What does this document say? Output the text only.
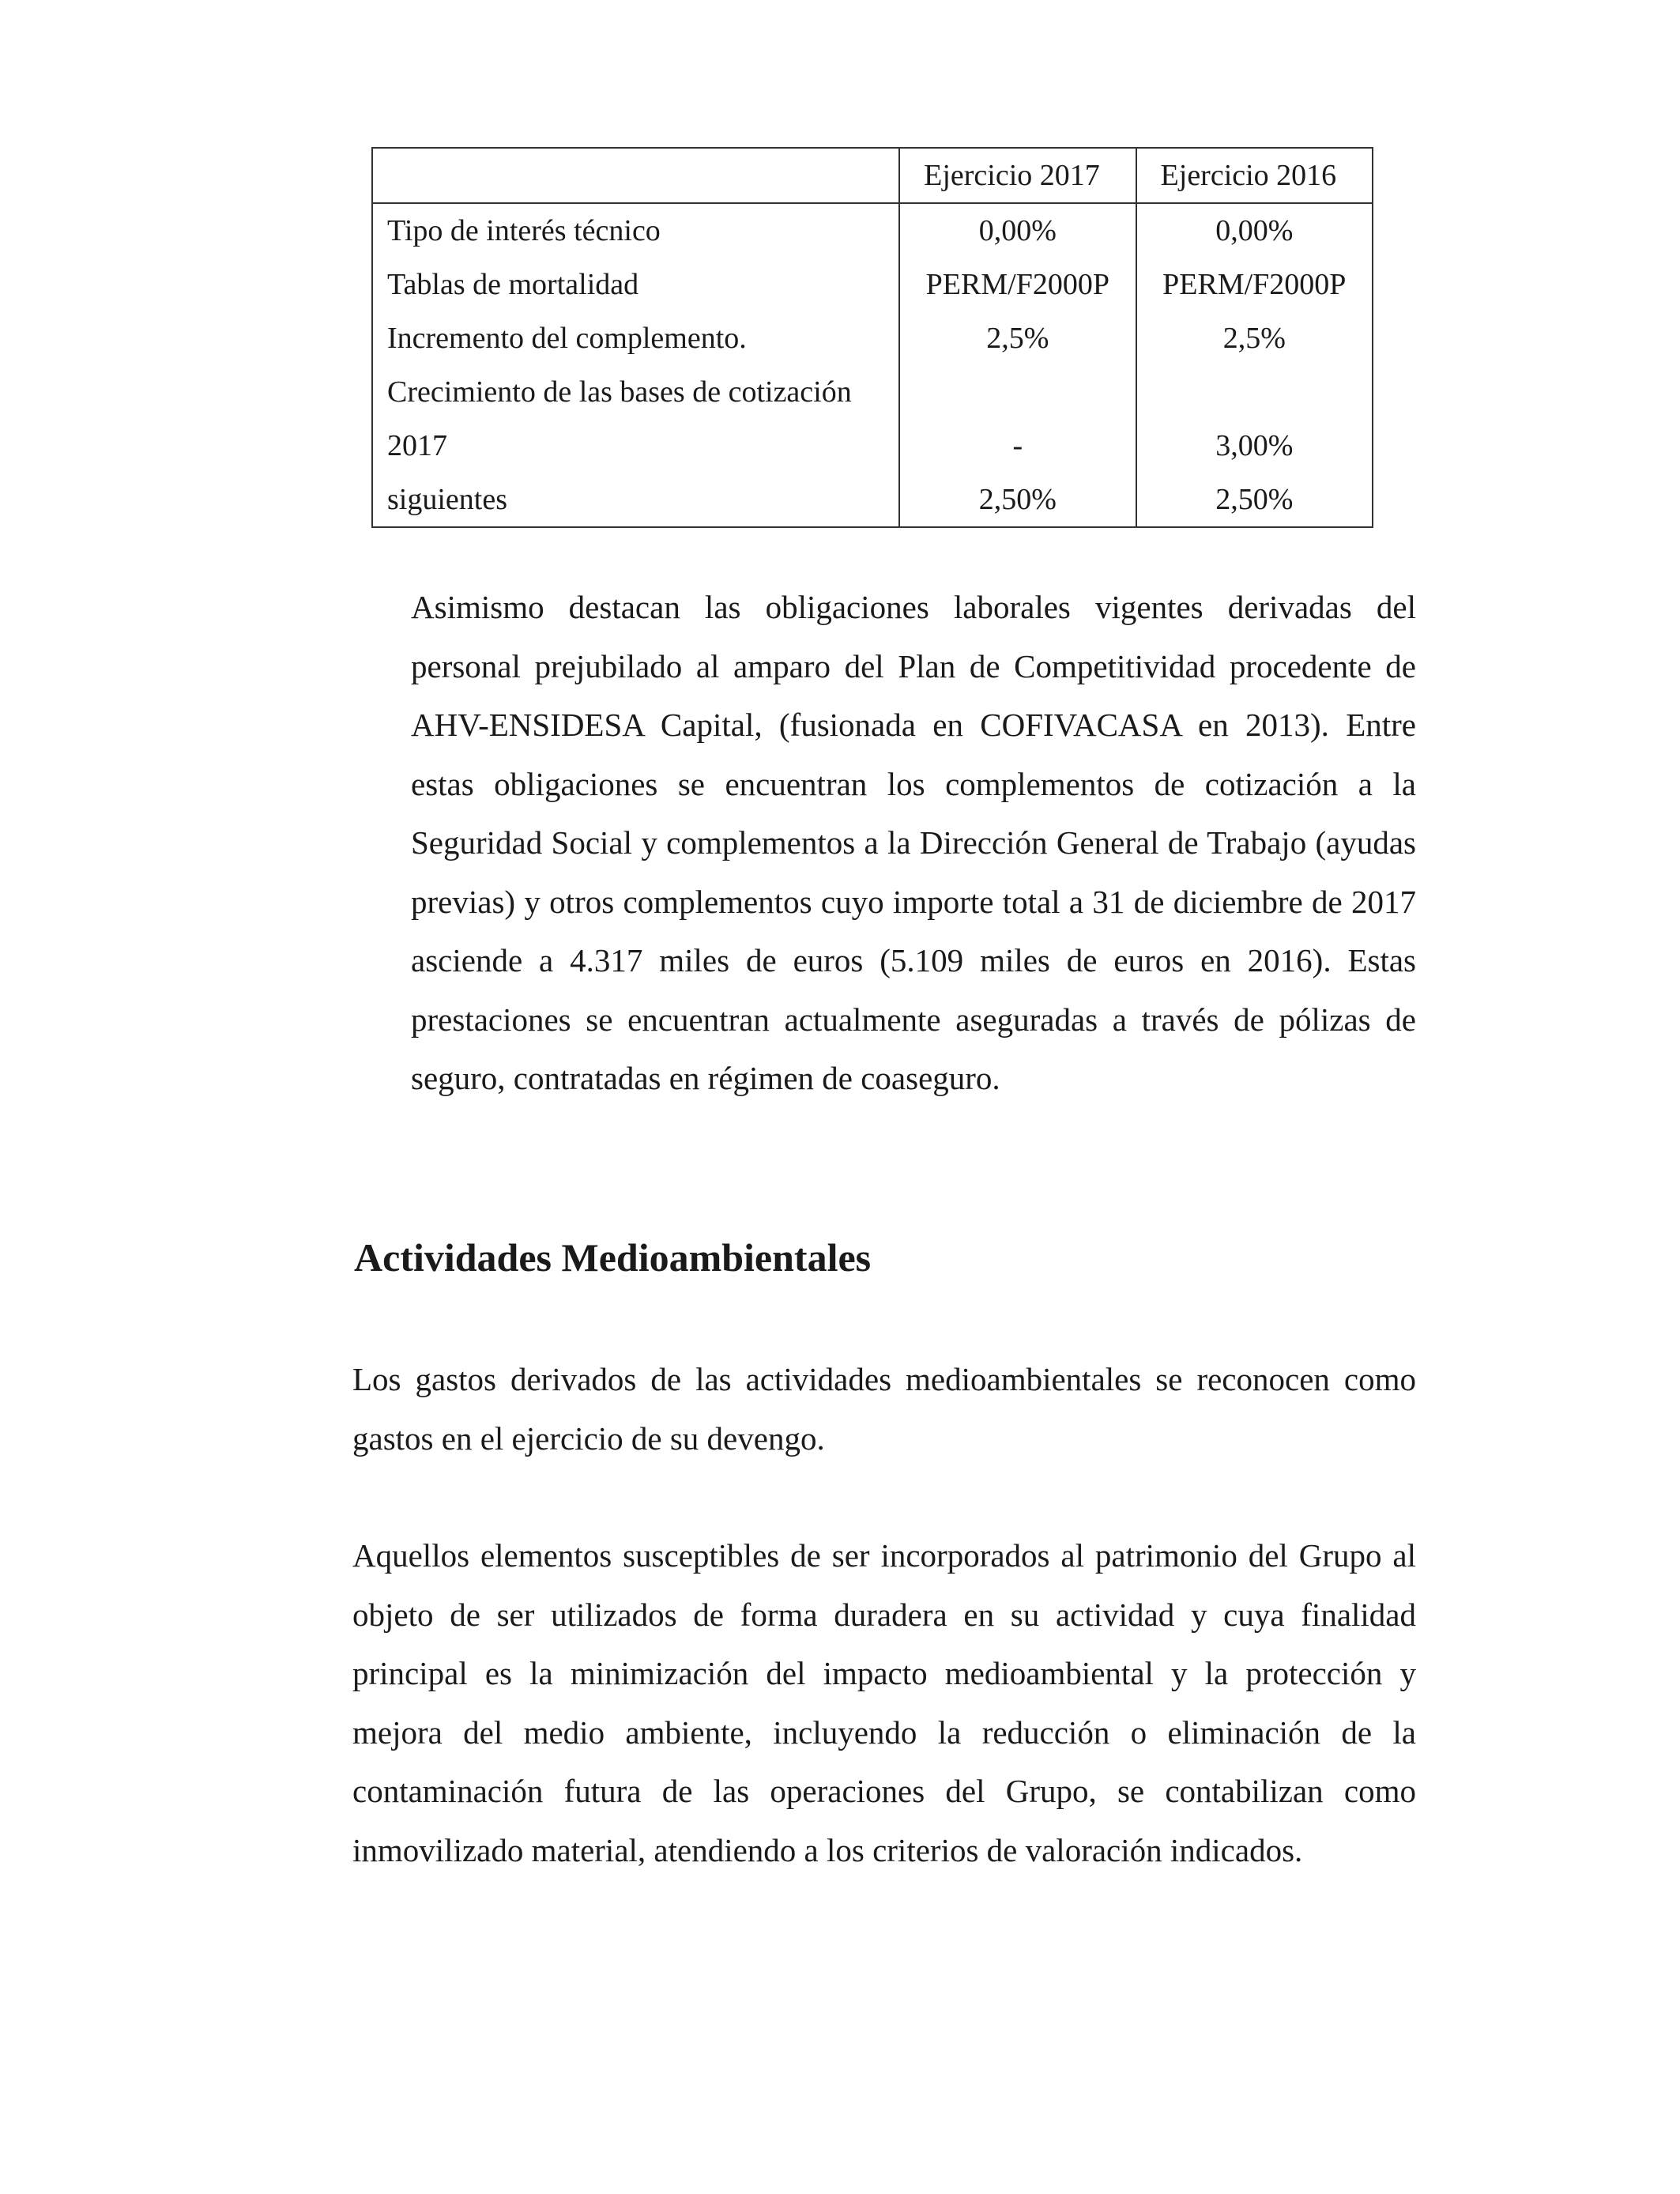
	Ejercicio 2017	Ejercicio 2016
Tipo de interés técnico	0,00%	0,00%
Tablas de mortalidad	PERM/F2000P	PERM/F2000P
Incremento del complemento.	2,5%	2,5%
Crecimiento de las bases de cotización		
2017	-	3,00%
siguientes	2,50%	2,50%

Asimismo destacan las obligaciones laborales vigentes derivadas del personal prejubilado al amparo del Plan de Competitividad procedente de AHV-ENSIDESA Capital, (fusionada en COFIVACASA en 2013). Entre estas obligaciones se encuentran los complementos de cotización a la Seguridad Social y complementos a la Dirección General de Trabajo (ayudas previas) y otros complementos cuyo importe total a 31 de diciembre de 2017 asciende a 4.317 miles de euros (5.109 miles de euros en 2016). Estas prestaciones se encuentran actualmente aseguradas a través de pólizas de seguro, contratadas en régimen de coaseguro.

Actividades Medioambientales

Los gastos derivados de las actividades medioambientales se reconocen como gastos en el ejercicio de su devengo.

Aquellos elementos susceptibles de ser incorporados al patrimonio del Grupo al objeto de ser utilizados de forma duradera en su actividad y cuya finalidad principal es la minimización del impacto medioambiental y la protección y mejora del medio ambiente, incluyendo la reducción o eliminación de la contaminación futura de las operaciones del Grupo, se contabilizan como inmovilizado material, atendiendo a los criterios de valoración indicados.
